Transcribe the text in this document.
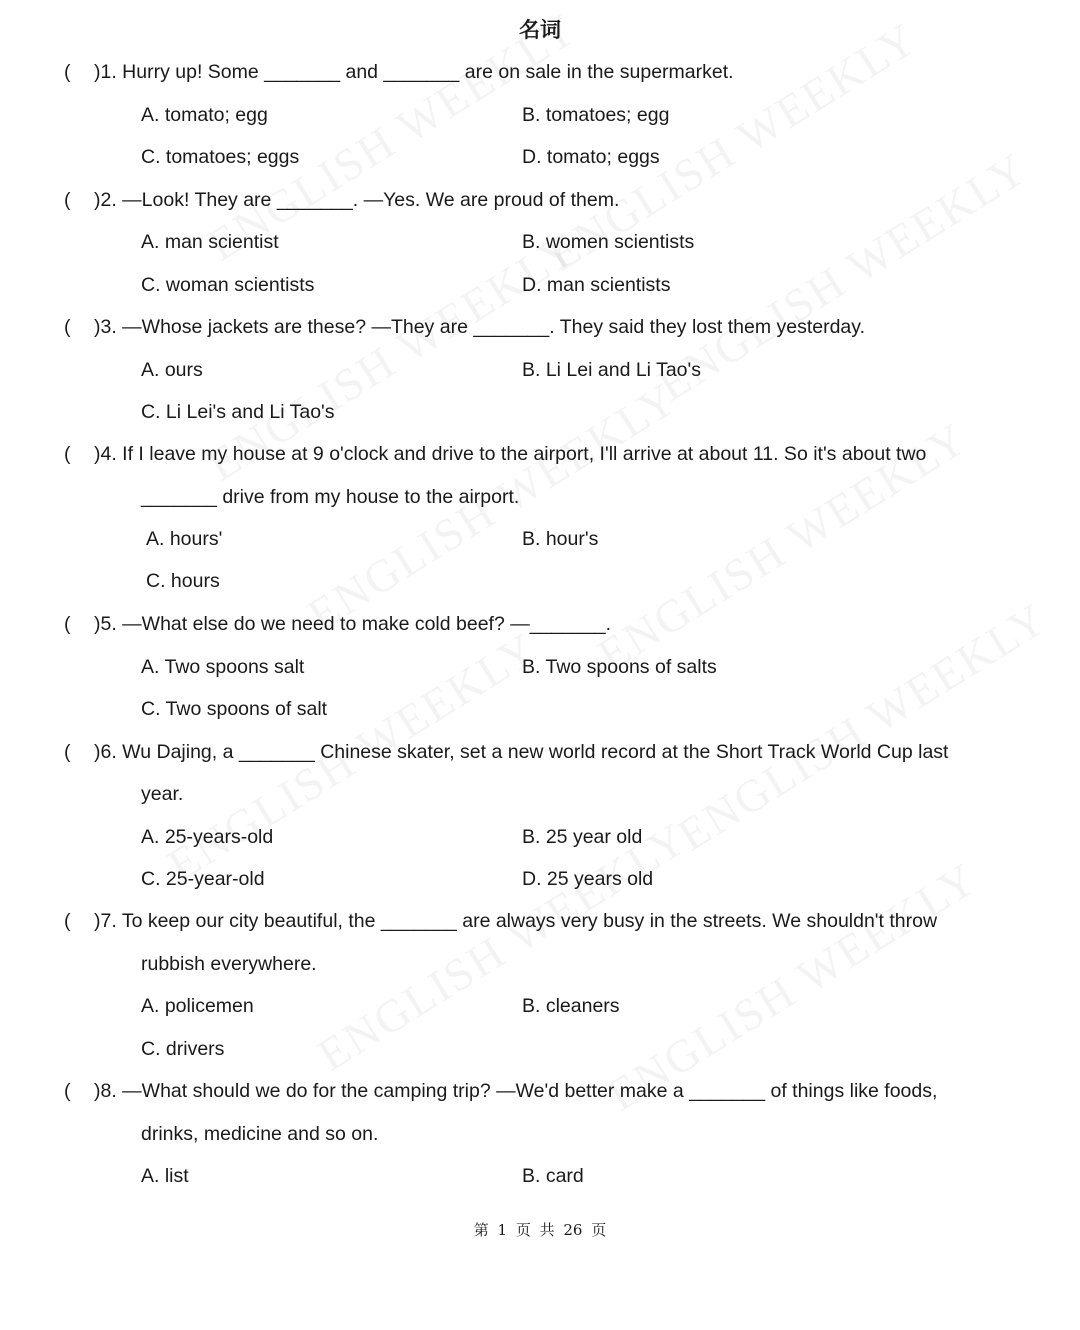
名词
( )1. Hurry up! Some _______ and _______ are on sale in the supermarket.
A. tomato; egg	B. tomatoes; egg
C. tomatoes; eggs	D. tomato; eggs
( )2. —Look! They are _______. —Yes. We are proud of them.
A. man scientist	B. women scientists
C. woman scientists	D. man scientists
( )3. —Whose jackets are these? —They are _______. They said they lost them yesterday.
A. ours	B. Li Lei and Li Tao's
C. Li Lei's and Li Tao's
( )4. If I leave my house at 9 o'clock and drive to the airport, I'll arrive at about 11. So it's about two
_______ drive from my house to the airport.
A. hours'	B. hour's
C. hours
( )5. —What else do we need to make cold beef? —_______.
A. Two spoons salt	B. Two spoons of salts
C. Two spoons of salt
( )6. Wu Dajing, a _______ Chinese skater, set a new world record at the Short Track World Cup last
year.
A. 25-years-old	B. 25 year old
C. 25-year-old	D. 25 years old
( )7. To keep our city beautiful, the _______ are always very busy in the streets. We shouldn't throw
rubbish everywhere.
A. policemen	B. cleaners
C. drivers
( )8. —What should we do for the camping trip? —We'd better make a _______ of things like foods,
drinks, medicine and so on.
A. list	B. card
第 1 页 共 26 页
